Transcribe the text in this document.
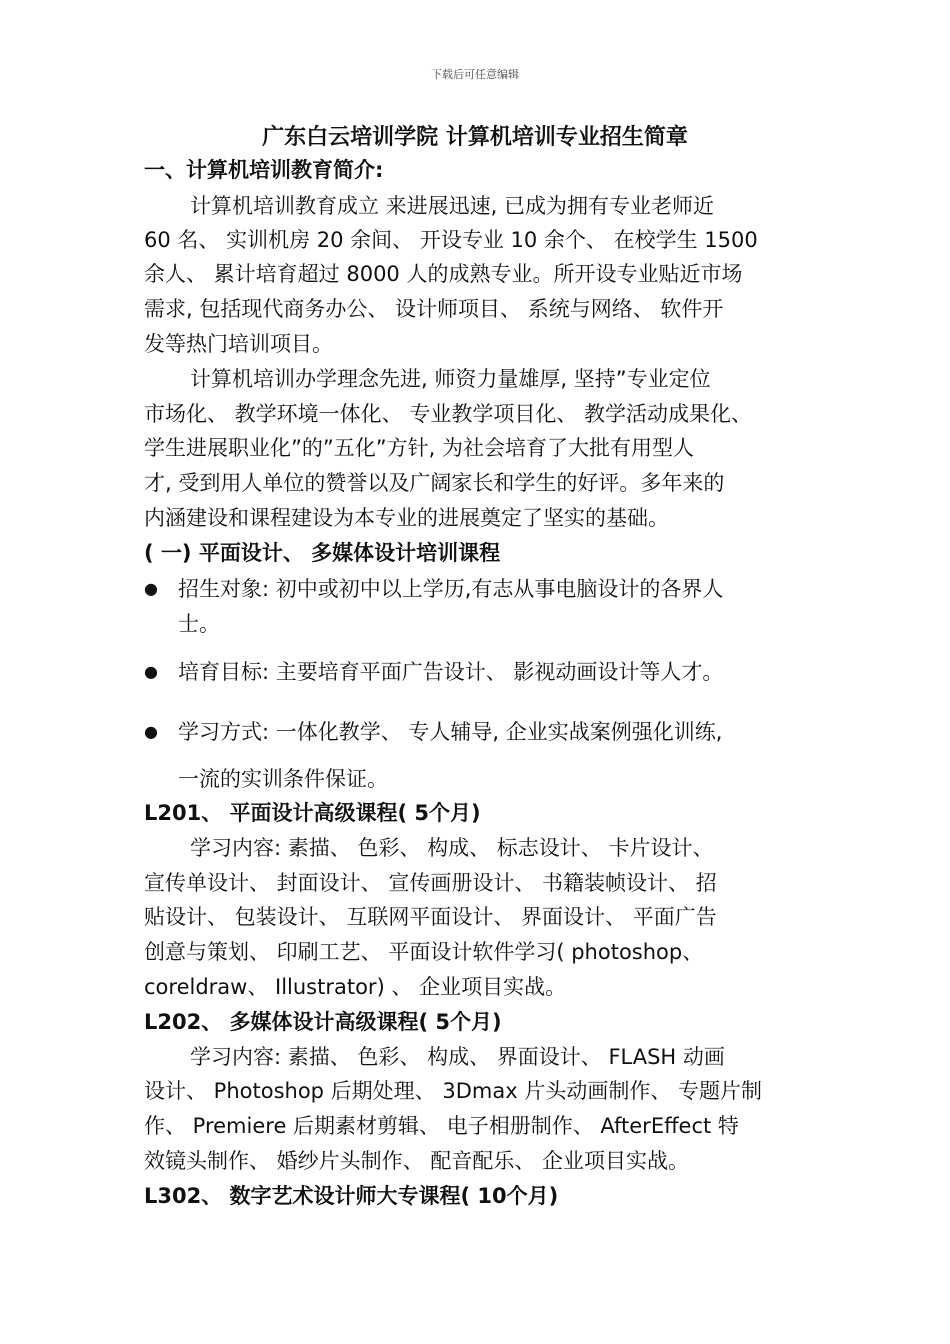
下载后可任意编辑
广东白云培训学院 计算机培训专业招生简章
一、计算机培训教育简介:
计算机培训教育成立 来进展迅速, 已成为拥有专业老师近
60 名、 实训机房 20 余间、 开设专业 10 余个、 在校学生 1500
余人、 累计培育超过 8000 人的成熟专业。所开设专业贴近市场
需求, 包括现代商务办公、 设计师项目、 系统与网络、 软件开
发等热门培训项目。
计算机培训办学理念先进, 师资力量雄厚, 坚持”专业定位
市场化、 教学环境一体化、 专业教学项目化、 教学活动成果化、
学生进展职业化”的”五化”方针, 为社会培育了大批有用型人
才, 受到用人单位的赞誉以及广阔家长和学生的好评。多年来的
内涵建设和课程建设为本专业的进展奠定了坚实的基础。
( 一) 平面设计、 多媒体设计培训课程
● 招生对象: 初中或初中以上学历,有志从事电脑设计的各界人
士。
● 培育目标: 主要培育平面广告设计、 影视动画设计等人才。
● 学习方式: 一体化教学、 专人辅导, 企业实战案例强化训练,
一流的实训条件保证。
L201、 平面设计高级课程( 5个月)
学习内容: 素描、 色彩、 构成、 标志设计、 卡片设计、
宣传单设计、 封面设计、 宣传画册设计、 书籍装帧设计、 招
贴设计、 包装设计、 互联网平面设计、 界面设计、 平面广告
创意与策划、 印刷工艺、 平面设计软件学习( photoshop、
coreldraw、 Illustrator) 、 企业项目实战。
L202、 多媒体设计高级课程( 5个月)
学习内容: 素描、 色彩、 构成、 界面设计、 FLASH 动画
设计、 Photoshop 后期处理、 3Dmax 片头动画制作、 专题片制
作、 Premiere 后期素材剪辑、 电子相册制作、 AfterEffect 特
效镜头制作、 婚纱片头制作、 配音配乐、 企业项目实战。
L302、 数字艺术设计师大专课程( 10个月)
